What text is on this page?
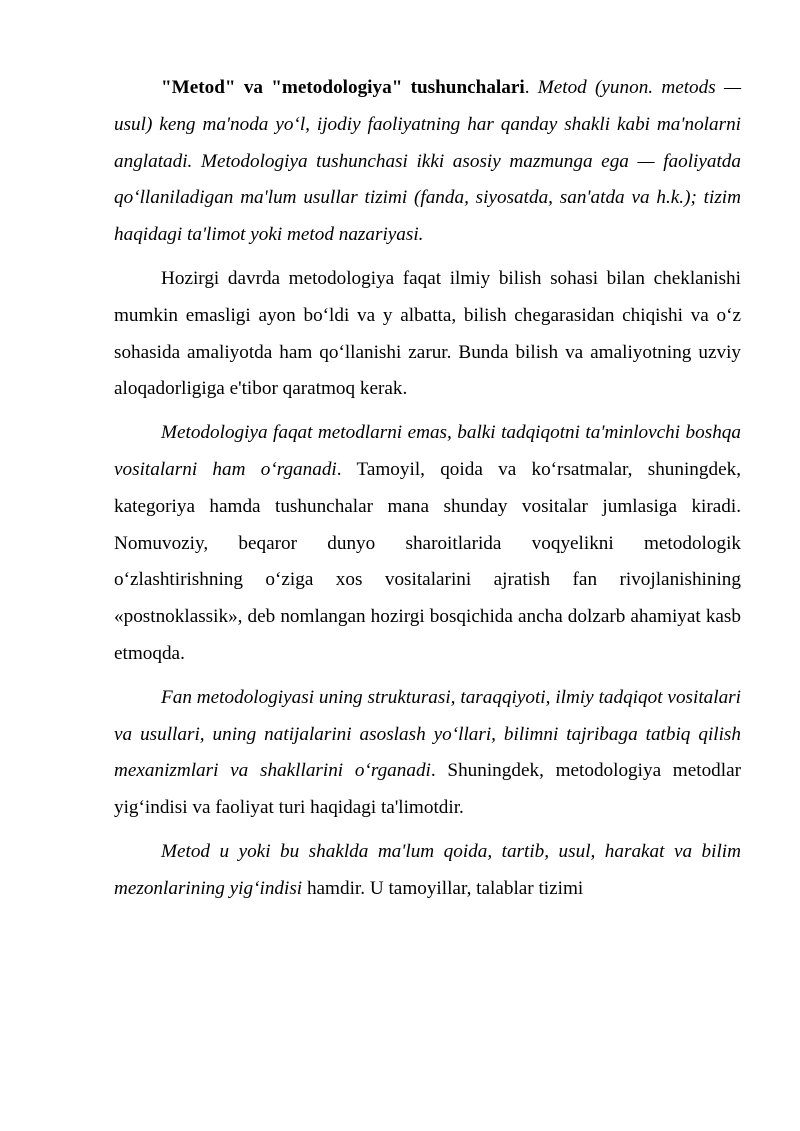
"Metod" va "metodologiya" tushunchalari. Metod (yunon. metods — usul) keng ma'noda yo‘l, ijodiy faoliyatning har qanday shakli kabi ma'nolarni anglatadi. Metodologiya tushunchasi ikki asosiy mazmunga ega — faoliyatda qo‘llaniladigan ma'lum usullar tizimi (fanda, siyosatda, san'atda va h.k.); tizim haqidagi ta'limot yoki metod nazariyasi.

Hozirgi davrda metodologiya faqat ilmiy bilish sohasi bilan cheklanishi mumkin emasligi ayon bo‘ldi va y albatta, bilish chegarasidan chiqishi va o‘z sohasida amaliyotda ham qo‘llanishi zarur. Bunda bilish va amaliyotning uzviy aloqadorligiga e'tibor qaratmoq kerak.

Metodologiya faqat metodlarni emas, balki tadqiqotni ta'minlovchi boshqa vositalarni ham o‘rganadi. Tamoyil, qoida va ko‘rsatmalar, shuningdek, kategoriya hamda tushunchalar mana shunday vositalar jumlasiga kiradi. Nomuvoziy, beqaror dunyo sharoitlarida voqyelikni metodologik o‘zlashtirishning o‘ziga xos vositalarini ajratish fan rivojlanishining «postnoklassik», deb nomlangan hozirgi bosqichida ancha dolzarb ahamiyat kasb etmoqda.

Fan metodologiyasi uning strukturasi, taraqqiyoti, ilmiy tadqiqot vositalari va usullari, uning natijalarini asoslash yo‘llari, bilimni tajribaga tatbiq qilish mexanizmlari va shakllarini o‘rganadi. Shuningdek, metodologiya metodlar yig‘indisi va faoliyat turi haqidagi ta'limotdir.

Metod u yoki bu shaklda ma'lum qoida, tartib, usul, harakat va bilim mezonlarining yig‘indisi hamdir. U tamoyillar, talablar tizimi
